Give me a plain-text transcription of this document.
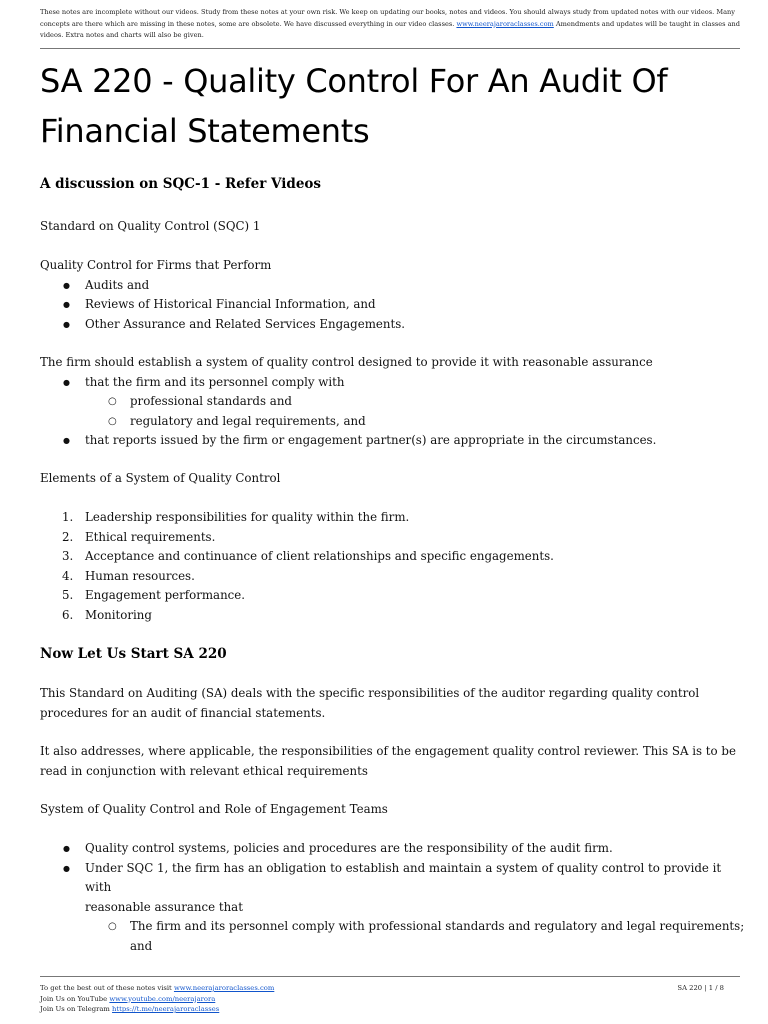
These notes are incomplete without our videos. Study from these notes at your own risk. We keep on updating our books, notes and videos. You should always study from updated notes with our videos. Many concepts are there which are missing in these notes, some are obsolete. We have discussed everything in our video classes. www.neerajaroraclasses.com Amendments and updates will be taught in classes and videos. Extra notes and charts will also be given.
SA 220 - Quality Control For An Audit Of Financial Statements
A discussion on SQC-1 - Refer Videos
Standard on Quality Control (SQC) 1
Quality Control for Firms that Perform
● Audits and
● Reviews of Historical Financial Information, and
● Other Assurance and Related Services Engagements.
The firm should establish a system of quality control designed to provide it with reasonable assurance
● that the firm and its personnel comply with
○ professional standards and
○ regulatory and legal requirements, and
● that reports issued by the firm or engagement partner(s) are appropriate in the circumstances.
Elements of a System of Quality Control
1. Leadership responsibilities for quality within the firm.
2. Ethical requirements.
3. Acceptance and continuance of client relationships and specific engagements.
4. Human resources.
5. Engagement performance.
6. Monitoring
Now Let Us Start SA 220
This Standard on Auditing (SA) deals with the specific responsibilities of the auditor regarding quality control
procedures for an audit of financial statements.
It also addresses, where applicable, the responsibilities of the engagement quality control reviewer. This SA is to be
read in conjunction with relevant ethical requirements
System of Quality Control and Role of Engagement Teams
● Quality control systems, policies and procedures are the responsibility of the audit firm.
● Under SQC 1, the firm has an obligation to establish and maintain a system of quality control to provide it with
reasonable assurance that
○ The firm and its personnel comply with professional standards and regulatory and legal requirements;
and
To get the best out of these notes visit www.neerajaroraclasses.com
Join Us on YouTube www.youtube.com/neerajarora
Join Us on Telegram https://t.me/neerajaroraclasses
SA 220 | 1 / 8
